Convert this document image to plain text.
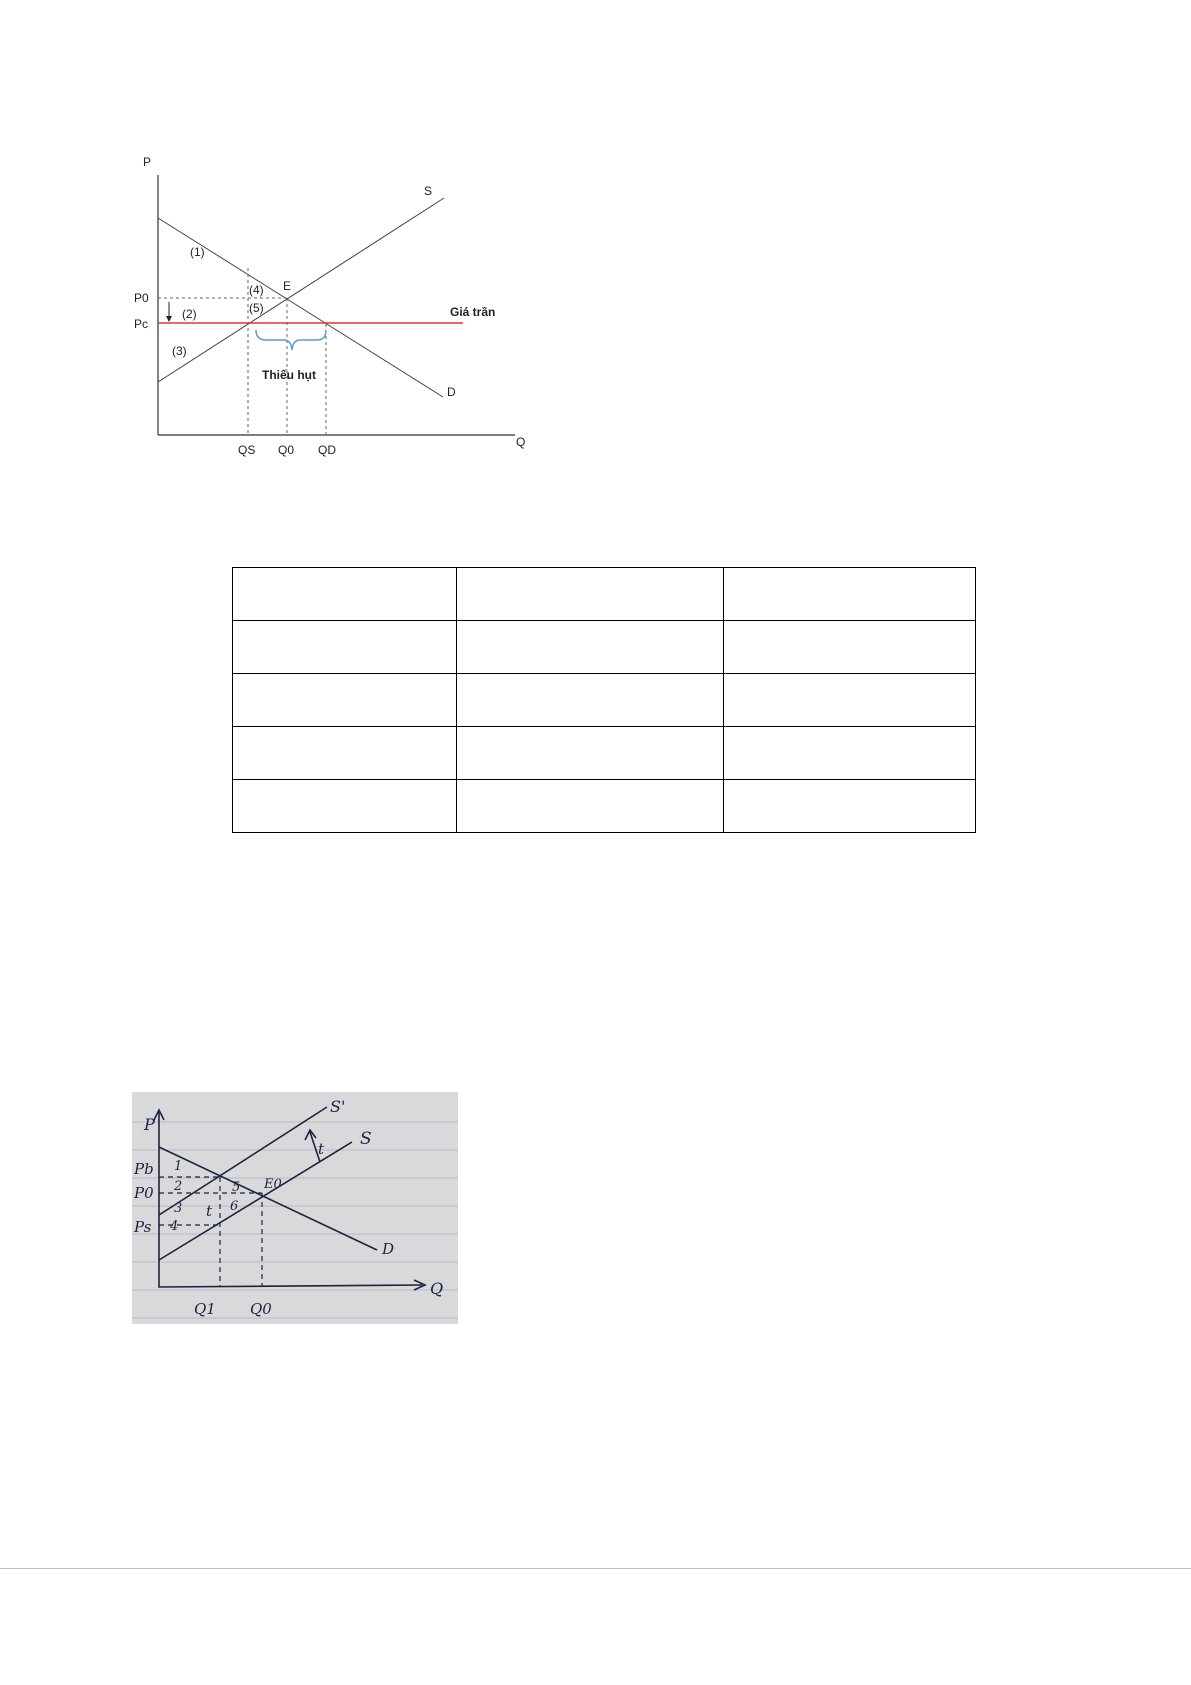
P
Q
S
D
Giá trần
P0
Pc
QS Q0 QD
E
(1)
(2)
(3)
(4)
(5)
Thiếu hụt

P
Pb
P0
Ps
Q1 Q0
Q
S'
S
D
E0
t
t
1
2
3
4
5
6
